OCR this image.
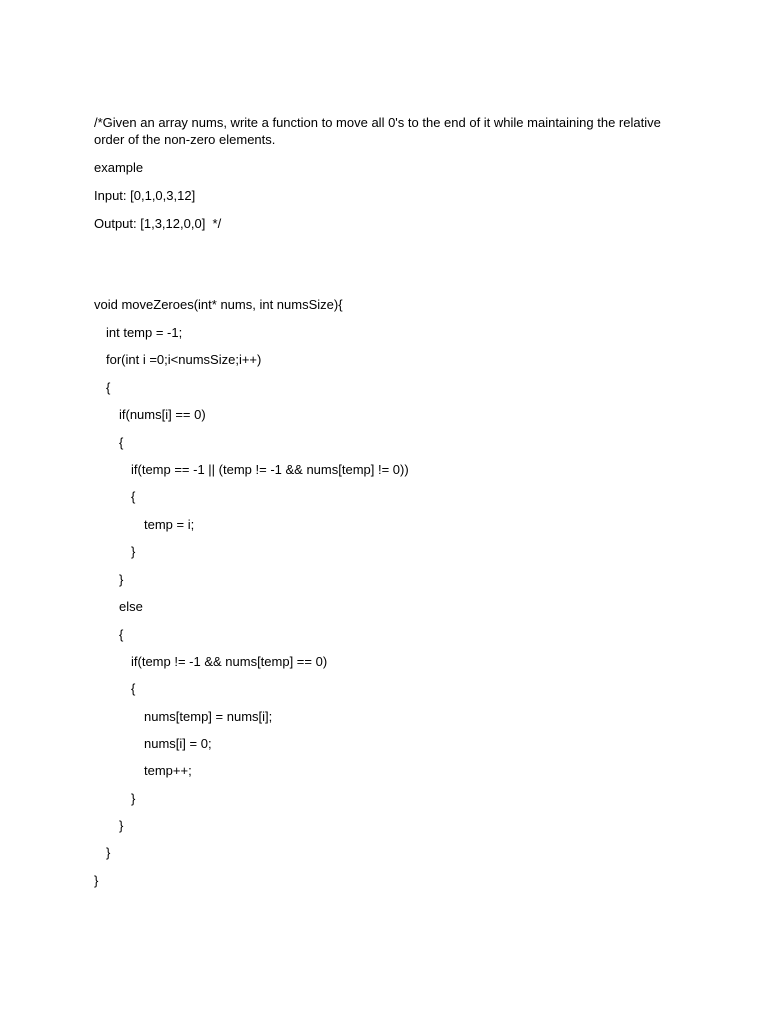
/*Given an array nums, write a function to move all 0's to the end of it while maintaining the relative order of the non-zero elements.

example

Input: [0,1,0,3,12]

Output: [1,3,12,0,0]  */

void moveZeroes(int* nums, int numsSize){

int temp = -1;

for(int i =0;i<numsSize;i++)

{

if(nums[i] == 0)

{

if(temp == -1 || (temp != -1 && nums[temp] != 0))

{

temp = i;

}

}

else

{

if(temp != -1 && nums[temp] == 0)

{

nums[temp] = nums[i];

nums[i] = 0;

temp++;

}

}

}

}
